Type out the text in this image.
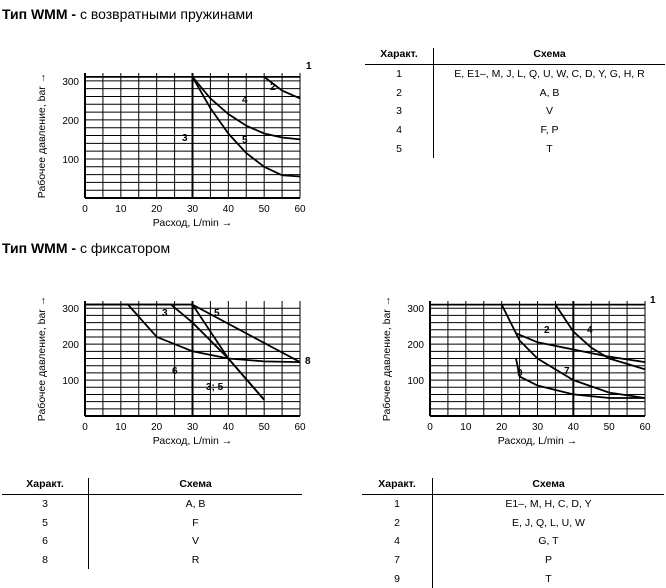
Тип WMM - с возвратными пружинами
Тип WMM - с фиксатором
0	10 20 30 40 50 60
100
200
300
Расход, L/min →
Рабочее давление, bar →
1
2
3
4
5
0	10 20 30 40 50 60
100
200
300
Расход, L/min →
Рабочее давление, bar →	3	5
6
8
3; 5
0	10 20 30 40 50 60
100
200
300
Расход, L/min →
Рабочее давление, bar →	1
2	4
7
9
Характ.	Схема
1	E, E1–, M, J, L, Q, U, W, C, D, Y, G, H, R
2	A, B
3	V
4	F, P
5	T
Характ.	Схема
3	A, B
5	F
6	V
8	R
Характ.	Схема
1	E1–, M, H, C, D, Y
2	E, J, Q, L, U, W
4	G, T
7	P
9	T
